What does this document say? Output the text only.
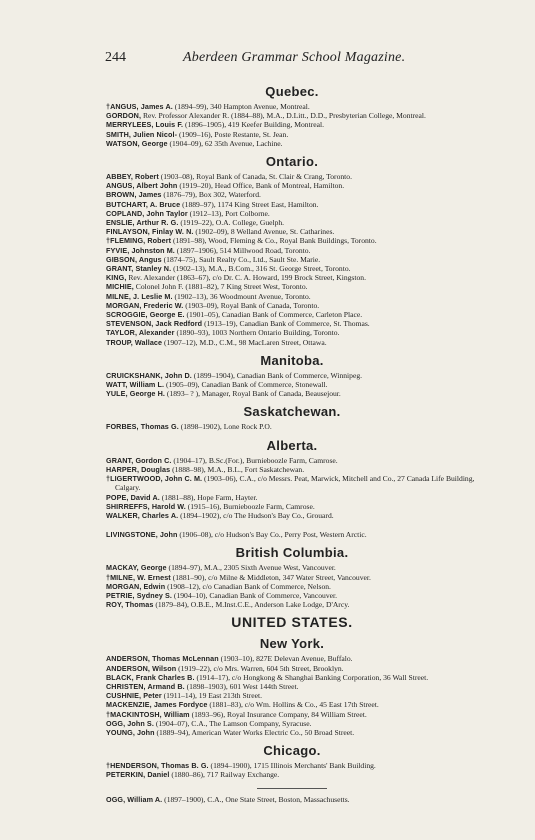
244	Aberdeen Grammar School Magazine.
Quebec.

†ANGUS, James A. (1894–99), 340 Hampton Avenue, Montreal.

GORDON, Rev. Professor Alexander R. (1884–88), M.A., D.Litt., D.D., Presbyterian College, Montreal.

MERRYLEES, Louis F. (1896–1905), 419 Keefer Building, Montreal.

SMITH, Julien Nicol- (1909–16), Poste Restante, St. Jean.

WATSON, George (1904–09), 62 35th Avenue, Lachine.

Ontario.

ABBEY, Robert (1903–08), Royal Bank of Canada, St. Clair & Crang, Toronto.

ANGUS, Albert John (1919–20), Head Office, Bank of Montreal, Hamilton.

BROWN, James (1876–79), Box 302, Waterford.

BUTCHART, A. Bruce (1889–97), 1174 King Street East, Hamilton.

COPLAND, John Taylor (1912–13), Port Colborne.

ENSLIE, Arthur R. G. (1919–22), O.A. College, Guelph.

FINLAYSON, Finlay W. N. (1902–09), 8 Welland Avenue, St. Catharines.

†FLEMING, Robert (1891–98), Wood, Fleming & Co., Royal Bank Buildings, Toronto.

FYVIE, Johnston M. (1897–1906), 514 Millwood Road, Toronto.

GIBSON, Angus (1874–75), Sault Realty Co., Ltd., Sault Ste. Marie.

GRANT, Stanley N. (1902–13), M.A., B.Com., 316 St. George Street, Toronto.

KING, Rev. Alexander (1863–67), c/o Dr. C. A. Howard, 199 Brock Street, Kingston.

MICHIE, Colonel John F. (1881–82), 7 King Street West, Toronto.

MILNE, J. Leslie M. (1902–13), 36 Woodmount Avenue, Toronto.

MORGAN, Frederic W. (1903–09), Royal Bank of Canada, Toronto.

SCROGGIE, George E. (1901–05), Canadian Bank of Commerce, Carleton Place.

STEVENSON, Jack Redford (1913–19), Canadian Bank of Commerce, St. Thomas.

TAYLOR, Alexander (1890–93), 1003 Northern Ontario Building, Toronto.

TROUP, Wallace (1907–12), M.D., C.M., 98 MacLaren Street, Ottawa.

Manitoba.

CRUICKSHANK, John D. (1899–1904), Canadian Bank of Commerce, Winnipeg.

WATT, William L. (1905–09), Canadian Bank of Commerce, Stonewall.

YULE, George H. (1893– ? ), Manager, Royal Bank of Canada, Beausejour.

Saskatchewan.

FORBES, Thomas G. (1898–1902), Lone Rock P.O.

Alberta.

GRANT, Gordon C. (1904–17), B.Sc.(For.), Burnieboozle Farm, Camrose.

HARPER, Douglas (1888–98), M.A., B.L., Fort Saskatchewan.

†LIGERTWOOD, John C. M. (1903–06), C.A., c/o Messrs. Peat, Marwick, Mitchell and Co., 27 Canada Life Building, Calgary.

POPE, David A. (1881–88), Hope Farm, Hayter.

SHIRREFFS, Harold W. (1915–16), Burnieboozle Farm, Camrose.

WALKER, Charles A. (1894–1902), c/o The Hudson's Bay Co., Grouard.

LIVINGSTONE, John (1906–08), c/o Hudson's Bay Co., Perry Post, Western Arctic.

British Columbia.

MACKAY, George (1894–97), M.A., 2305 Sixth Avenue West, Vancouver.

†MILNE, W. Ernest (1881–90), c/o Milne & Middleton, 347 Water Street, Vancouver.

MORGAN, Edwin (1908–12), c/o Canadian Bank of Commerce, Nelson.

PETRIE, Sydney S. (1904–10), Canadian Bank of Commerce, Vancouver.

ROY, Thomas (1879–84), O.B.E., M.Inst.C.E., Anderson Lake Lodge, D'Arcy.

UNITED STATES.
New York.

ANDERSON, Thomas McLennan (1903–10), 827E Delevan Avenue, Buffalo.

ANDERSON, Wilson (1919–22), c/o Mrs. Warren, 604 5th Street, Brooklyn.

BLACK, Frank Charles B. (1914–17), c/o Hongkong & Shanghai Banking Corporation, 36 Wall Street.

CHRISTEN, Armand B. (1898–1903), 601 West 144th Street.

CUSHNIE, Peter (1911–14), 19 East 213th Street.

MACKENZIE, James Fordyce (1881–83), c/o Wm. Hollins & Co., 45 East 17th Street.

†MACKINTOSH, William (1893–96), Royal Insurance Company, 84 William Street.

OGG, John S. (1904–07), C.A., The Lamson Company, Syracuse.

YOUNG, John (1889–94), American Water Works Electric Co., 50 Broad Street.

Chicago.

†HENDERSON, Thomas B. G. (1894–1900), 1715 Illinois Merchants' Bank Building.

PETERKIN, Daniel (1880–86), 717 Railway Exchange.

OGG, William A. (1897–1900), C.A., One State Street, Boston, Massachusetts.
